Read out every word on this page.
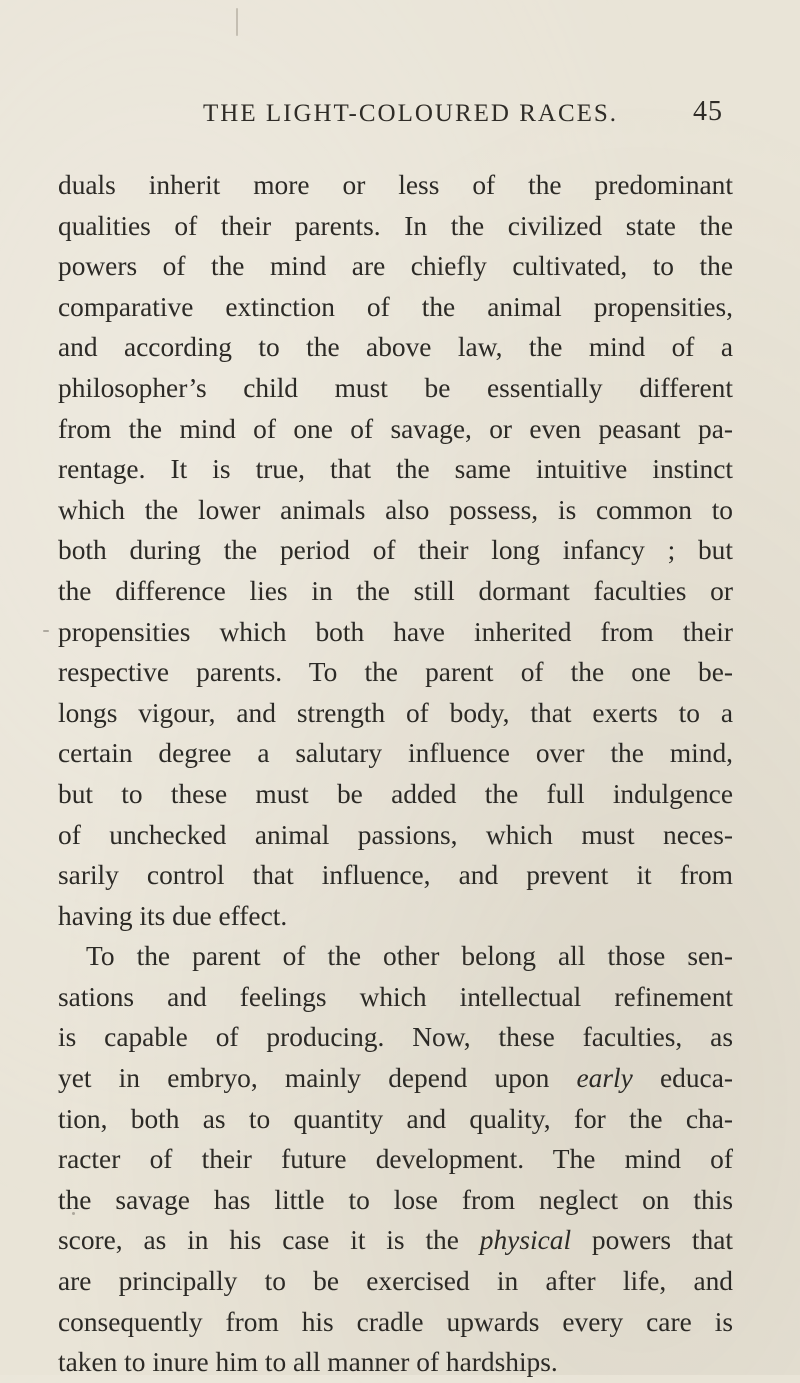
THE LIGHT-COLOURED RACES.	45
duals inherit more or less of the predominant
qualities of their parents. In the civilized state the
powers of the mind are chiefly cultivated, to the
comparative extinction of the animal propensities,
and according to the above law, the mind of a
philosopher’s child must be essentially different
from the mind of one of savage, or even peasant pa-
rentage. It is true, that the same intuitive instinct
which the lower animals also possess, is common to
both during the period of their long infancy ; but
the difference lies in the still dormant faculties or
propensities which both have inherited from their
respective parents. To the parent of the one be-
longs vigour, and strength of body, that exerts to a
certain degree a salutary influence over the mind,
but to these must be added the full indulgence
of unchecked animal passions, which must neces-
sarily control that influence, and prevent it from
having its due effect.
To the parent of the other belong all those sen-
sations and feelings which intellectual refinement
is capable of producing. Now, these faculties, as
yet in embryo, mainly depend upon early educa-
tion, both as to quantity and quality, for the cha-
racter of their future development. The mind of
the savage has little to lose from neglect on this
score, as in his case it is the physical powers that
are principally to be exercised in after life, and
consequently from his cradle upwards every care is
taken to inure him to all manner of hardships.
